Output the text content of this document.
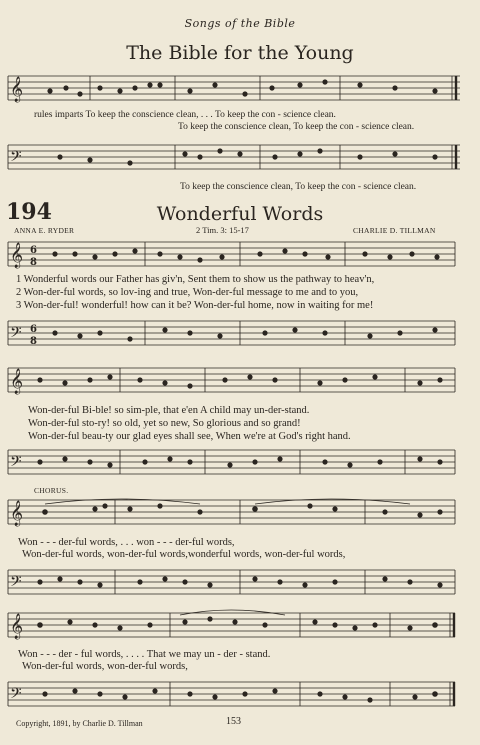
Songs of the Bible
The Bible for the Young
𝄞
rules imparts To keep the conscience clean, . . . To keep the con - science clean.
To keep the conscience clean, To keep the con - science clean.
𝄢
To keep the conscience clean, To keep the con - science clean.
194	Wonderful Words
ANNA E. RYDER	2 Tim. 3: 15-17	CHARLIE D. TILLMAN
𝄞 6
8
1 Wonderful words our Father has giv'n, Sent them to show us the pathway to heav'n,
2 Won-der-ful words, so lov-ing and true, Won-der-ful message to me and to you,
3 Won-der-ful! wonderful! how can it be? Won-der-ful home, now in waiting for me!
𝄢 6
8
𝄞
Won-der-ful Bi-ble! so sim-ple, that e'en A child may un-der-stand.
Won-der-ful sto-ry! so old, yet so new, So glorious and so grand!
Won-der-ful beau-ty our glad eyes shall see, When we're at God's right hand.
𝄢
CHORUS.
𝄞
Won - - - der-ful words, . . . won - - - der-ful words,
Won-der-ful words, won-der-ful words,wonderful words, won-der-ful words,
𝄢
𝄞
Won - - - der - ful words, . . . . That we may un - der - stand.
Won-der-ful words, won-der-ful words,
𝄢
Copyright, 1891, by Charlie D. Tillman	153
